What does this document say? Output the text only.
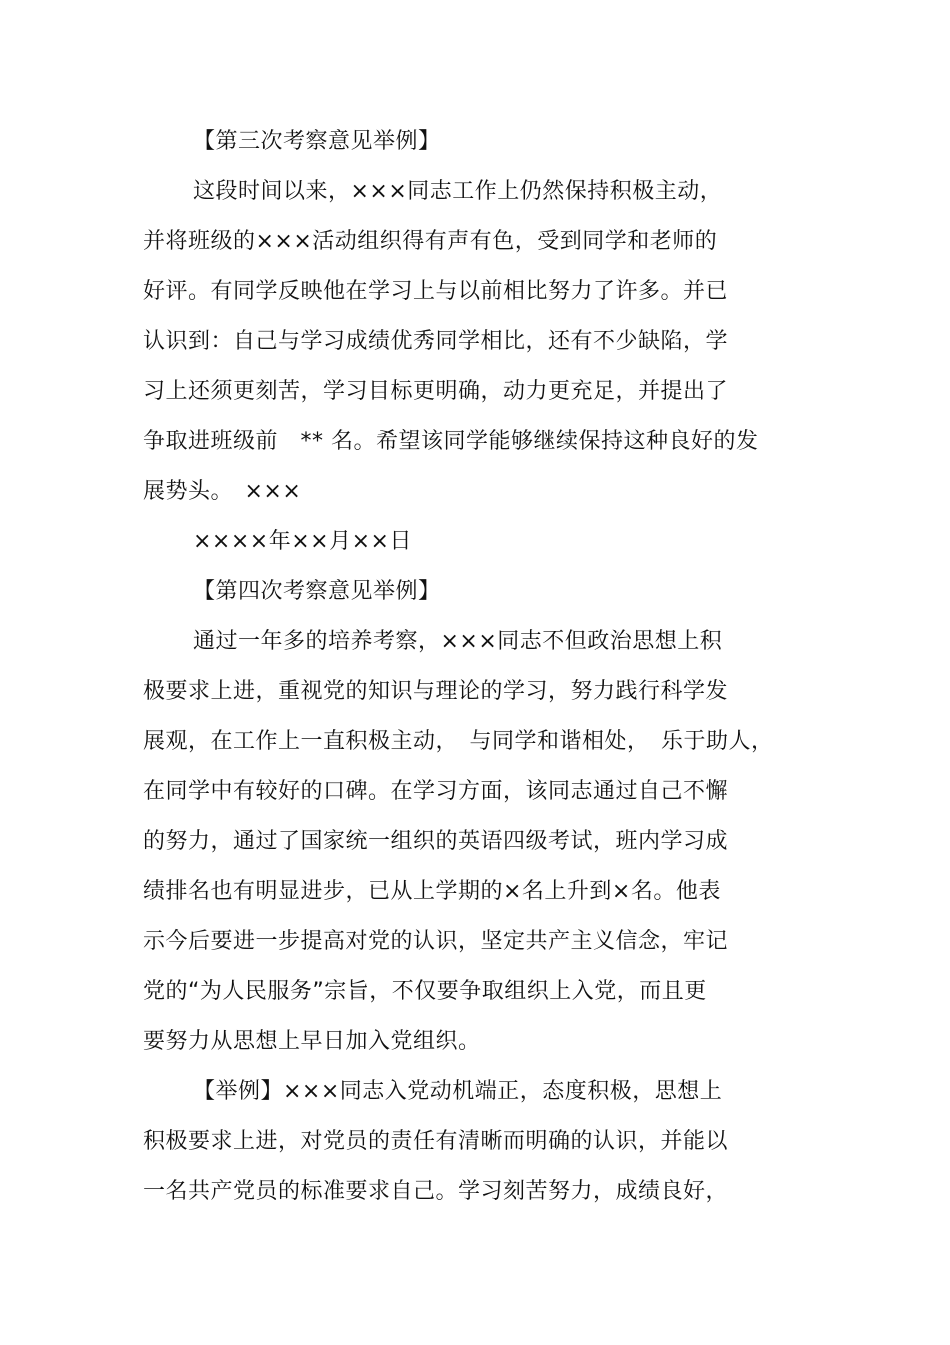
【第三次考察意见举例】

这段时间以来，×××同志工作上仍然保持积极主动，

并将班级的×××活动组织得有声有色，受到同学和老师的

好评。有同学反映他在学习上与以前相比努力了许多。并已

认识到：自己与学习成绩优秀同学相比，还有不少缺陷，学

习上还须更刻苦，学习目标更明确，动力更充足，并提出了

争取进班级前　** 名。希望该同学能够继续保持这种良好的发

展势头。　×××

××××年××月××日

【第四次考察意见举例】

通过一年多的培养考察，×××同志不但政治思想上积

极要求上进，重视党的知识与理论的学习，努力践行科学发

展观，在工作上一直积极主动，　与同学和谐相处，　乐于助人，

在同学中有较好的口碑。在学习方面，该同志通过自己不懈

的努力，通过了国家统一组织的英语四级考试，班内学习成

绩排名也有明显进步，已从上学期的×名上升到×名。他表

示今后要进一步提高对党的认识，坚定共产主义信念，牢记

党的“为人民服务”宗旨，不仅要争取组织上入党，而且更

要努力从思想上早日加入党组织。

【举例】×××同志入党动机端正，态度积极，思想上

积极要求上进，对党员的责任有清晰而明确的认识，并能以

一名共产党员的标准要求自己。学习刻苦努力，成绩良好，
